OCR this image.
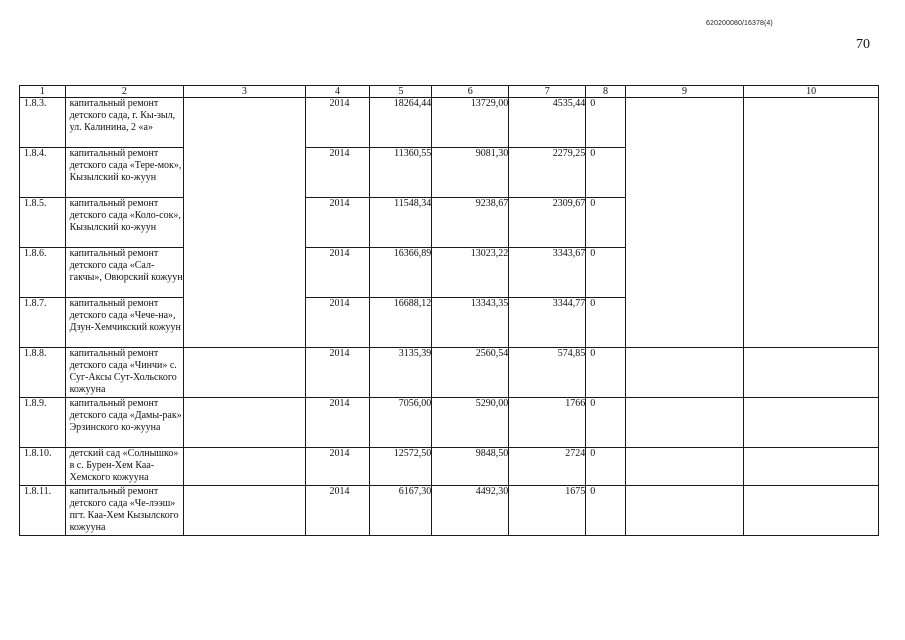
620200080/16378(4)
70
1	2	3	4	5	6	7	8	9	10
1.8.3.	капитальный ремонт детского сада, г. Кы-зыл, ул. Калинина, 2 «а»		2014	18264,44	13729,00	4535,44	0		
1.8.4.	капитальный ремонт детского сада «Тере-мок», Кызылский ко-жуун		2014	11360,55	9081,30	2279,25	0		
1.8.5.	капитальный ремонт детского сада «Коло-сок», Кызылский ко-жуун		2014	11548,34	9238,67	2309,67	0		
1.8.6.	капитальный ремонт детского сада «Сал-гакчы», Овюрский кожуун		2014	16366,89	13023,22	3343,67	0		
1.8.7.	капитальный ремонт детского сада «Чече-на», Дзун-Хемчикский кожуун		2014	16688,12	13343,35	3344,77	0		
1.8.8.	капитальный ремонт детского сада «Чинчи» с. Суг-Аксы Сут-Хольского кожууна		2014	3135,39	2560,54	574,85	0		
1.8.9.	капитальный ремонт детского сада «Дамы-рак» Эрзинского ко-жууна		2014	7056,00	5290,00	1766	0		
1.8.10.	детский сад «Солнышко» в с. Бурен-Хем Каа-Хемского кожууна		2014	12572,50	9848,50	2724	0		
1.8.11.	капитальный ремонт детского сада «Че-лээш» пгт. Каа-Хем Кызылского кожууна		2014	6167,30	4492,30	1675	0		
